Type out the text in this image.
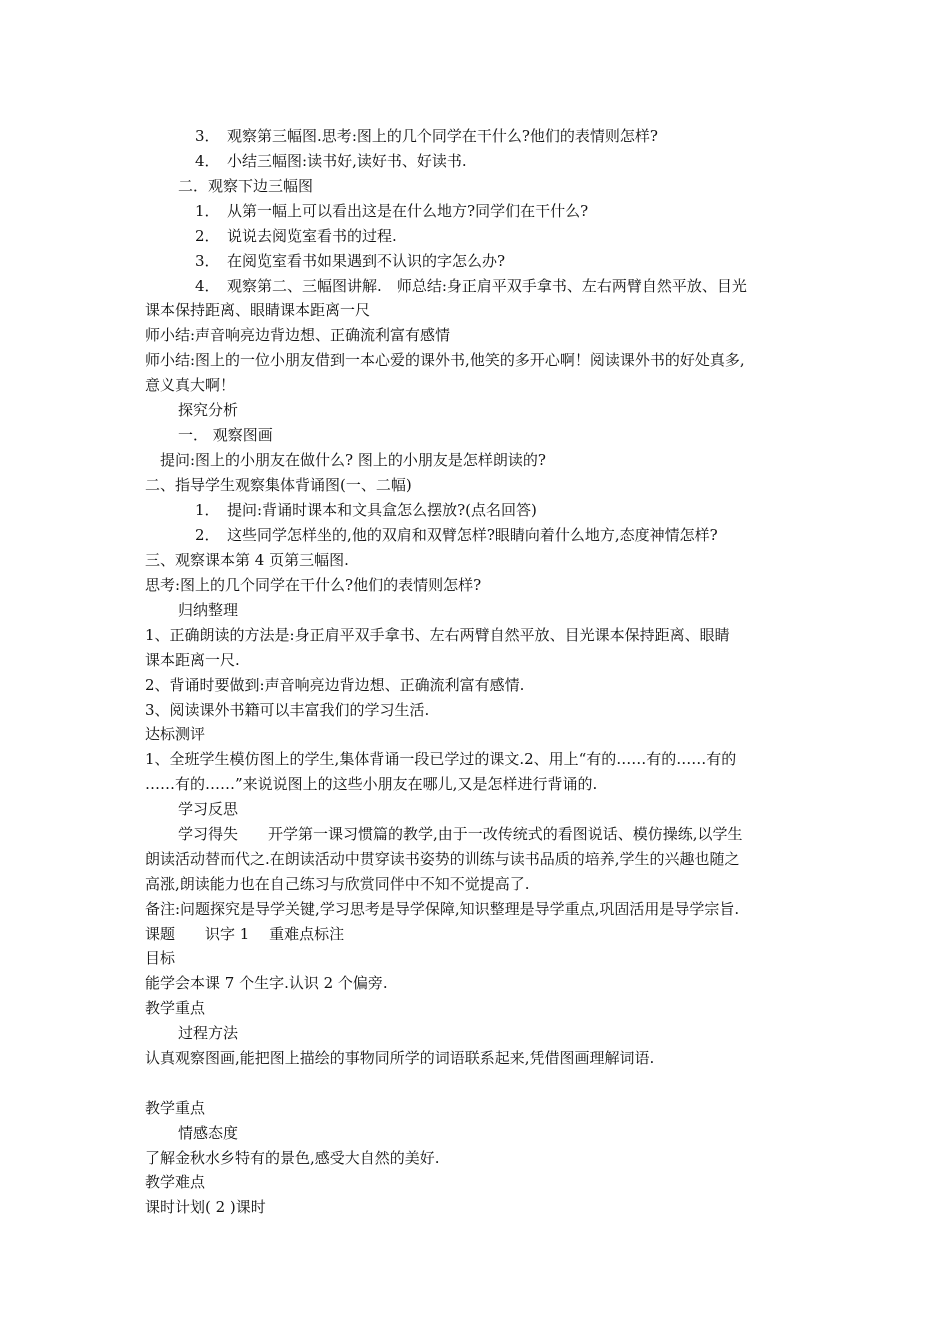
3．　观察第三幅图.思考:图上的几个同学在干什么?他们的表情则怎样?
4．　小结三幅图:读书好,读好书、好读书.
二．观察下边三幅图
1．　从第一幅上可以看出这是在什么地方?同学们在干什么?
2．　说说去阅览室看书的过程.
3．　在阅览室看书如果遇到不认识的字怎么办?
4．　观察第二、三幅图讲解.　师总结:身正肩平双手拿书、左右两臂自然平放、目光
课本保持距离、眼睛课本距离一尺
师小结:声音响亮边背边想、正确流利富有感情
师小结:图上的一位小朋友借到一本心爱的课外书,他笑的多开心啊！阅读课外书的好处真多,
意义真大啊！
探究分析
一． 观察图画
提问:图上的小朋友在做什么? 图上的小朋友是怎样朗读的?
二、指导学生观察集体背诵图(一、二幅)
1．　提问:背诵时课本和文具盒怎么摆放?(点名回答)
2．　这些同学怎样坐的,他的双肩和双臂怎样?眼睛向着什么地方,态度神情怎样?
三、观察课本第 4 页第三幅图.
思考:图上的几个同学在干什么?他们的表情则怎样?
归纳整理
1、正确朗读的方法是:身正肩平双手拿书、左右两臂自然平放、目光课本保持距离、眼睛
课本距离一尺.
2、背诵时要做到:声音响亮边背边想、正确流利富有感情.
3、阅读课外书籍可以丰富我们的学习生活.
达标测评
1、全班学生模仿图上的学生,集体背诵一段已学过的课文.2、用上“有的……有的……有的
……有的……”来说说图上的这些小朋友在哪儿,又是怎样进行背诵的.
学习反思
学习得失　　开学第一课习惯篇的教学,由于一改传统式的看图说话、模仿操练,以学生
朗读活动替而代之.在朗读活动中贯穿读书姿势的训练与读书品质的培养,学生的兴趣也随之
高涨,朗读能力也在自己练习与欣赏同伴中不知不觉提高了.
备注:问题探究是导学关键,学习思考是导学保障,知识整理是导学重点,巩固活用是导学宗旨.
课题　　识字 1　 重难点标注
目标
能学会本课 7 个生字.认识 2 个偏旁.
教学重点
过程方法
认真观察图画,能把图上描绘的事物同所学的词语联系起来,凭借图画理解词语.
教学重点
情感态度
了解金秋水乡特有的景色,感受大自然的美好.
教学难点
课时计划( 2 )课时
